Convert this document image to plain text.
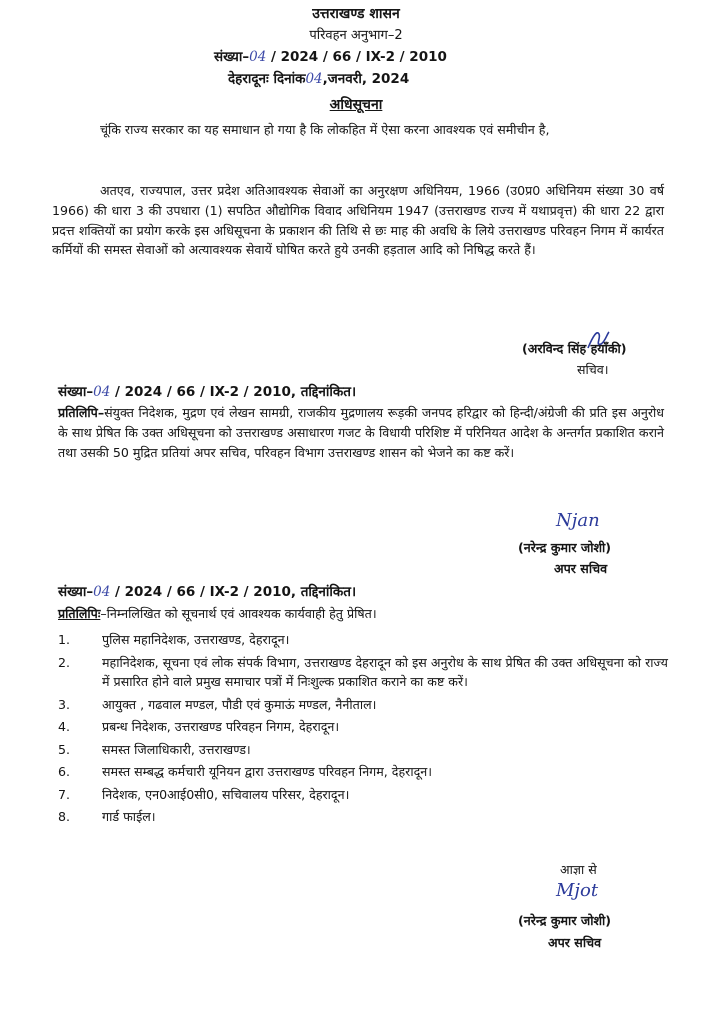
उत्तराखण्ड शासन
परिवहन अनुभाग–2
संख्या–04 / 2024 / 66 / IX-2 / 2010
देहरादूनः दिनांक04,जनवरी, 2024
अधिसूचना
चूंकि राज्य सरकार का यह समाधान हो गया है कि लोकहित में ऐसा करना आवश्यक एवं समीचीन है,
अतएव, राज्यपाल, उत्तर प्रदेश अतिआवश्यक सेवाओं का अनुरक्षण अधिनियम, 1966 (उ0प्र0 अधिनियम संख्या 30 वर्ष 1966) की धारा 3 की उपधारा (1) सपठित औद्योगिक विवाद अधिनियम 1947 (उत्तराखण्ड राज्य में यथाप्रवृत्त) की धारा 22 द्वारा प्रदत्त शक्तियों का प्रयोग करके इस अधिसूचना के प्रकाशन की तिथि से छः माह की अवधि के लिये उत्तराखण्ड परिवहन निगम में कार्यरत कर्मियों की समस्त सेवाओं को अत्यावश्यक सेवायें घोषित करते हुये उनकी हड़ताल आदि को निषिद्ध करते हैं।
(अरविन्द सिंह हयाँकी)
सचिव।
संख्या–04 / 2024 / 66 / IX-2 / 2010, तद्दिनांकित।
प्रतिलिपि–संयुक्त निदेशक, मुद्रण एवं लेखन सामग्री, राजकीय मुद्रणालय रूड़की जनपद हरिद्वार को हिन्दी/अंग्रेजी की प्रति इस अनुरोध के साथ प्रेषित कि उक्त अधिसूचना को उत्तराखण्ड असाधारण गजट के विधायी परिशिष्ट में परिनियत आदेश के अन्तर्गत प्रकाशित कराने तथा उसकी 50 मुद्रित प्रतियां अपर सचिव, परिवहन विभाग उत्तराखण्ड शासन को भेजने का कष्ट करें।
Njan
(नरेन्द्र कुमार जोशी)
अपर सचिव
संख्या–04 / 2024 / 66 / IX-2 / 2010, तद्दिनांकित।
प्रतिलिपिः–निम्नलिखित को सूचनार्थ एवं आवश्यक कार्यवाही हेतु प्रेषित।
1.	पुलिस महानिदेशक, उत्तराखण्ड, देहरादून।
2.	महानिदेशक, सूचना एवं लोक संपर्क विभाग, उत्तराखण्ड देहरादून को इस अनुरोध के साथ प्रेषित की उक्त अधिसूचना को राज्य में प्रसारित होने वाले प्रमुख समाचार पत्रों में निःशुल्क प्रकाशित कराने का कष्ट करें।
3.	आयुक्त , गढवाल मण्डल, पौडी एवं कुमाऊं मण्डल, नैनीताल।
4.	प्रबन्ध निदेशक, उत्तराखण्ड परिवहन निगम, देहरादून।
5.	समस्त जिलाधिकारी, उत्तराखण्ड।
6.	समस्त सम्बद्ध कर्मचारी यूनियन द्वारा उत्तराखण्ड परिवहन निगम, देहरादून।
7.	निदेशक, एन0आई0सी0, सचिवालय परिसर, देहरादून।
8.	गार्ड फाईल।
आज्ञा से
Mjot
(नरेन्द्र कुमार जोशी)
अपर सचिव
